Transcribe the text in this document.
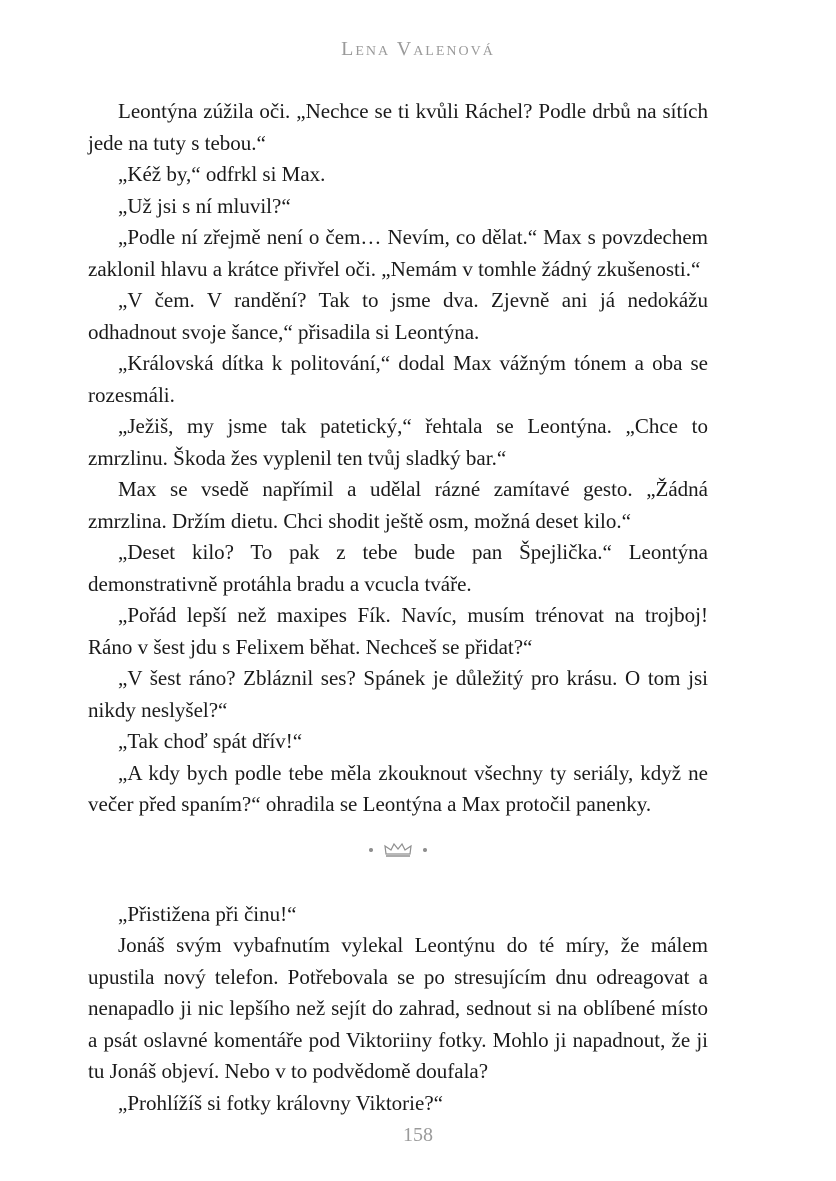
Lena Valenová

Leontýna zúžila oči. „Nechce se ti kvůli Ráchel? Podle drbů na sítích jede na tuty s tebou.“

„Kéž by,“ odfrkl si Max.

„Už jsi s ní mluvil?“

„Podle ní zřejmě není o čem… Nevím, co dělat.“ Max s povzdechem zaklonil hlavu a krátce přivřel oči. „Nemám v tomhle žádný zkušenosti.“

„V čem. V randění? Tak to jsme dva. Zjevně ani já nedokážu odhadnout svoje šance,“ přisadila si Leontýna.

„Královská dítka k politování,“ dodal Max vážným tónem a oba se rozesmáli.

„Ježiš, my jsme tak patetický,“ řehtala se Leontýna. „Chce to zmrzlinu. Škoda žes vyplenil ten tvůj sladký bar.“

Max se vsedě napřímil a udělal rázné zamítavé gesto. „Žádná zmrzlina. Držím dietu. Chci shodit ještě osm, možná deset kilo.“

„Deset kilo? To pak z tebe bude pan Špejlička.“ Leontýna demonstrativně protáhla bradu a vcucla tváře.

„Pořád lepší než maxipes Fík. Navíc, musím trénovat na trojboj! Ráno v šest jdu s Felixem běhat. Nechceš se přidat?“

„V šest ráno? Zbláznil ses? Spánek je důležitý pro krásu. O tom jsi nikdy neslyšel?“

„Tak choď spát dřív!“

„A kdy bych podle tebe měla zkouknout všechny ty seriály, když ne večer před spaním?“ ohradila se Leontýna a Max protočil panenky.

„Přistižena při činu!“

Jonáš svým vybafnutím vylekal Leontýnu do té míry, že málem upustila nový telefon. Potřebovala se po stresujícím dnu odreagovat a nenapadlo ji nic lepšího než sejít do zahrad, sednout si na oblíbené místo a psát oslavné komentáře pod Viktoriiny fotky. Mohlo ji napadnout, že ji tu Jonáš objeví. Nebo v to podvědomě doufala?

„Prohlížíš si fotky královny Viktorie?“

158
